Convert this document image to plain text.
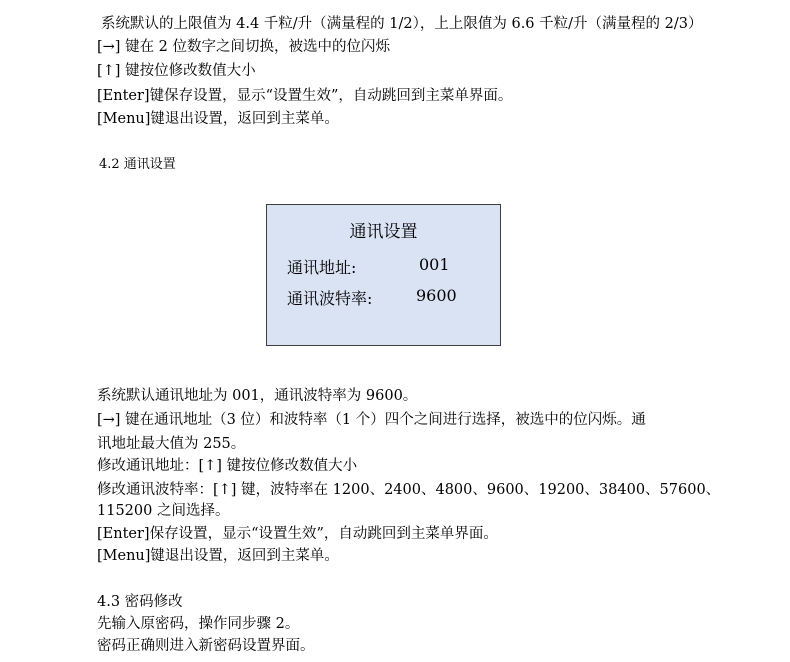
系统默认的上限值为 4.4 千粒/升（满量程的 1/2），上上限值为 6.6 千粒/升（满量程的 2/3）
[→] 键在 2 位数字之间切换，被选中的位闪烁
[↑] 键按位修改数值大小
[Enter]键保存设置，显示“设置生效”，自动跳回到主菜单界面。
[Menu]键退出设置，返回到主菜单。
4.2 通讯设置
通讯设置
通讯地址:	001
通讯波特率:	9600
系统默认通讯地址为 001，通讯波特率为 9600。
[→] 键在通讯地址（3 位）和波特率（1 个）四个之间进行选择，被选中的位闪烁。通
讯地址最大值为 255。
修改通讯地址：[↑] 键按位修改数值大小
修改通讯波特率：[↑] 键，波特率在 1200、2400、4800、9600、19200、38400、57600、
115200 之间选择。
[Enter]保存设置，显示“设置生效”，自动跳回到主菜单界面。
[Menu]键退出设置，返回到主菜单。
4.3 密码修改
先输入原密码，操作同步骤 2。
密码正确则进入新密码设置界面。
